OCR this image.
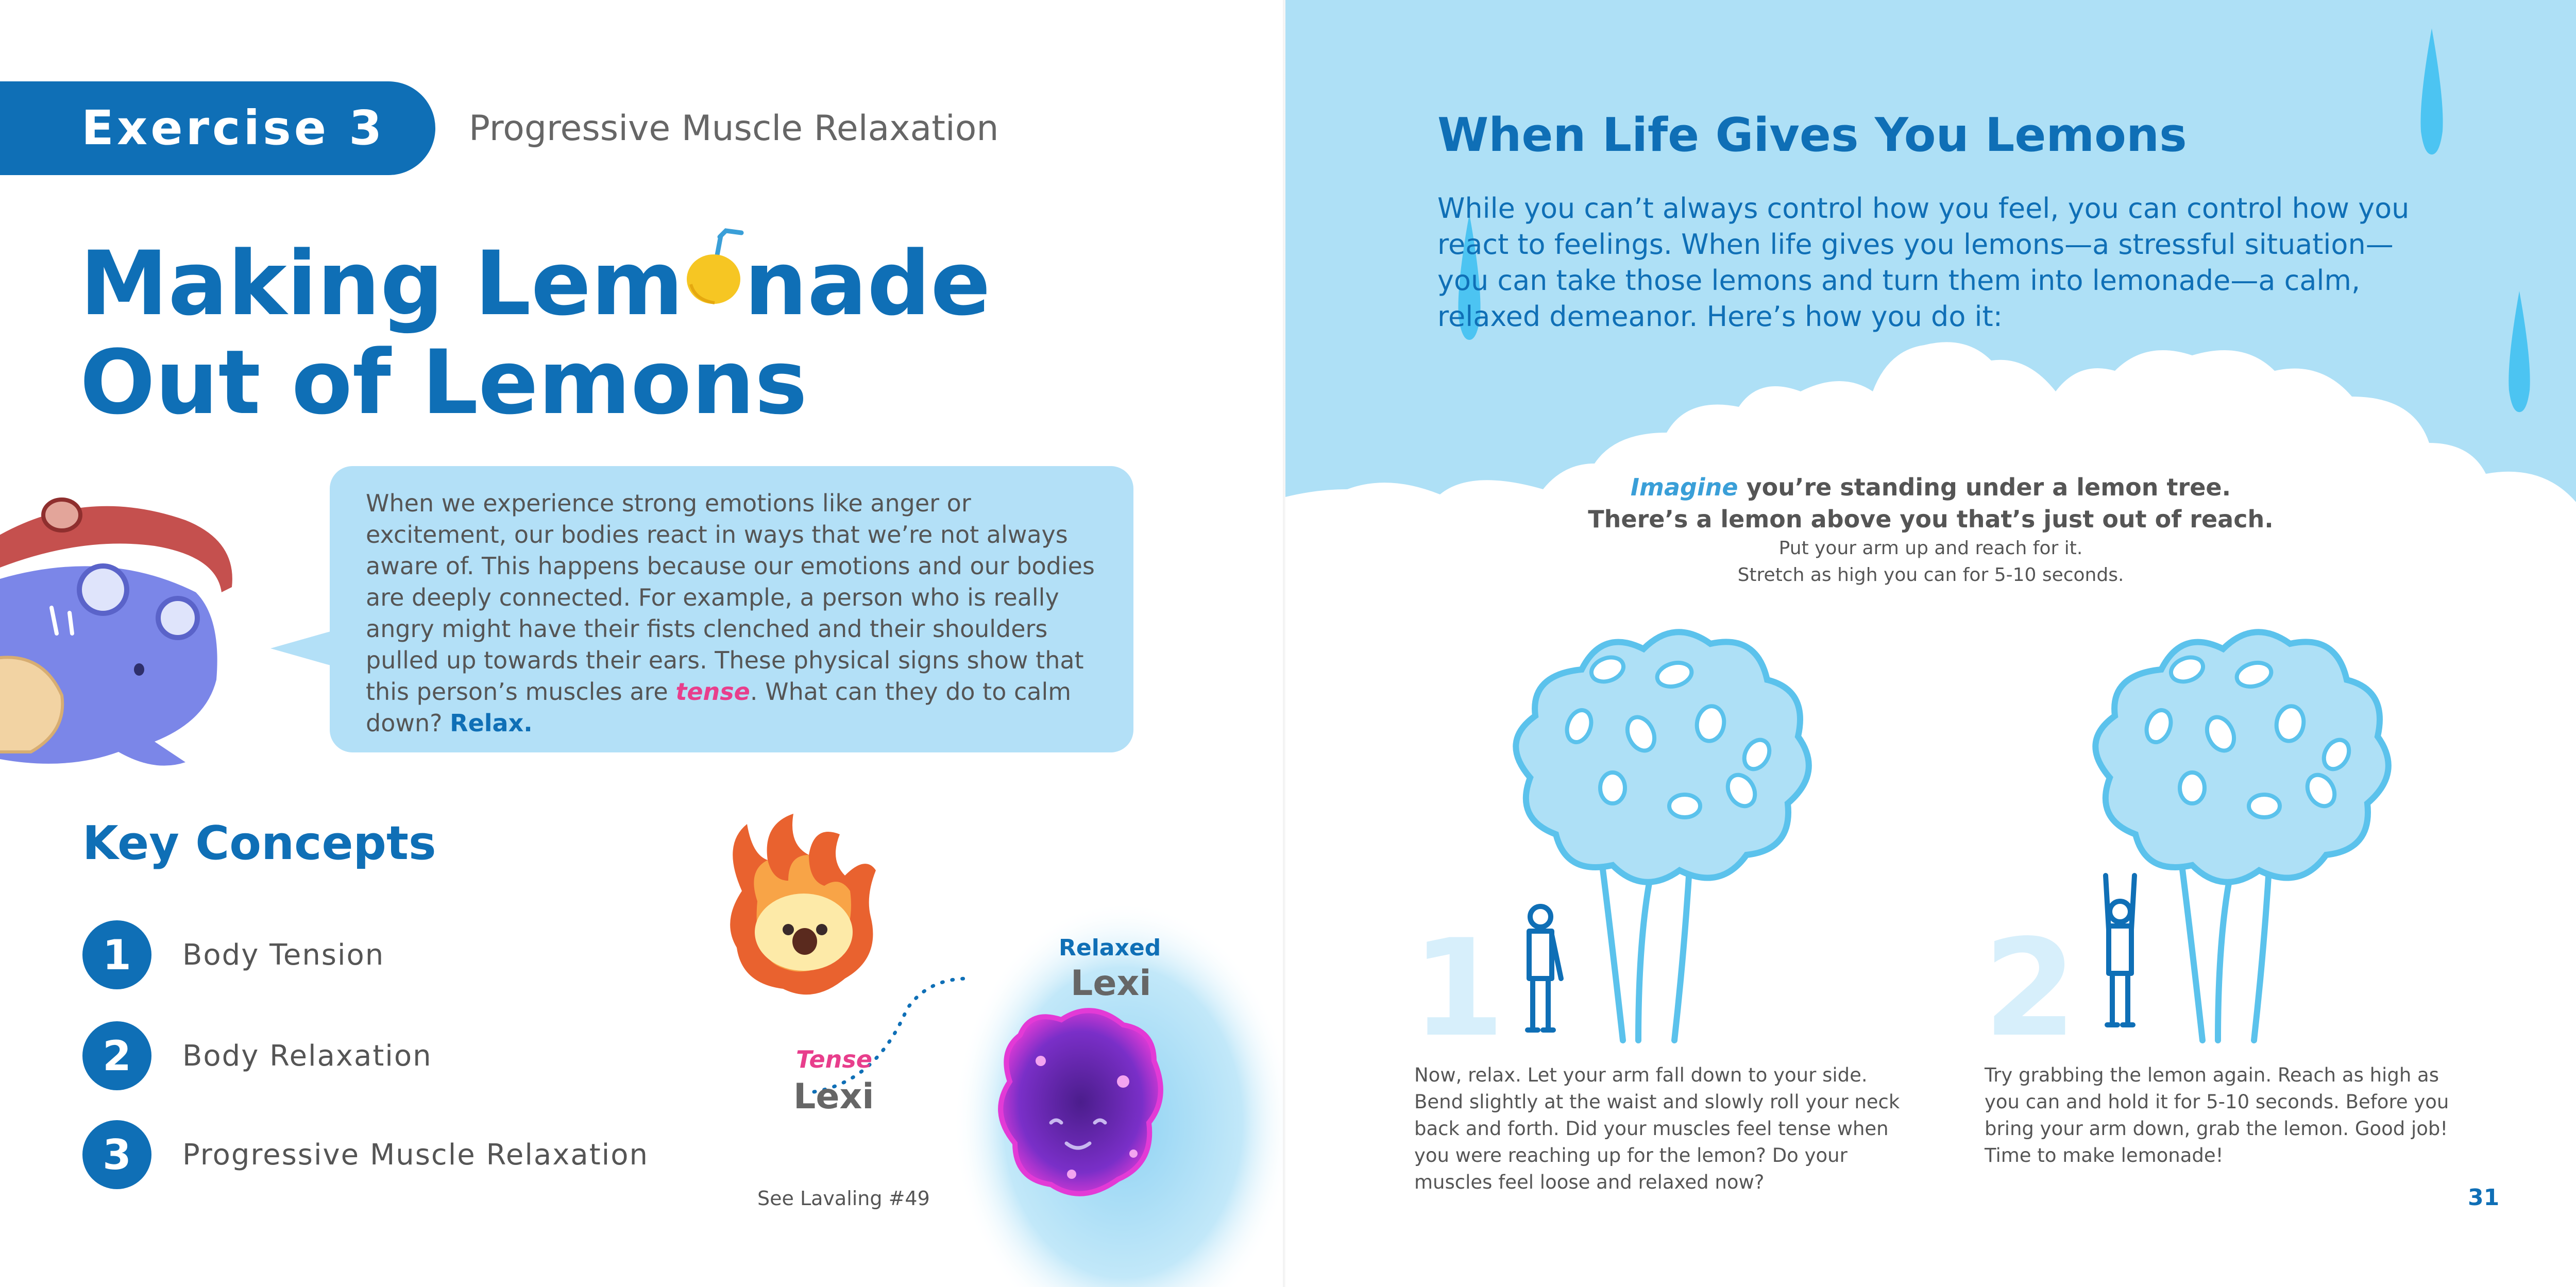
Exercise 3 Progressive Muscle Relaxation
Making Lem nade
Out of Lemons

When we experience strong emotions like anger or excitement, our bodies react in ways that we’re not always aware of. This happens because our emotions and our bodies are deeply connected. For example, a person who is really angry might have their fists clenched and their shoulders pulled up towards their ears. These physical signs show that this person’s muscles are tense. What can they do to calm down? Relax.

Key Concepts
1	Body Tension
2	Body Relaxation
3	Progressive Muscle Relaxation
Relaxed
Lexi
Tense
Lexi
See Lavaling #49
When Life Gives You Lemons

While you can’t always control how you feel, you can control how you react to feelings. When life gives you lemons—a stressful situation—you can take those lemons and turn them into lemonade—a calm, relaxed demeanor. Here’s how you do it:

Imagine you’re standing under a lemon tree.
There’s a lemon above you that’s just out of reach.
Put your arm up and reach for it.
Stretch as high you can for 5-10 seconds.
1	2

Now, relax. Let your arm fall down to your side. Bend slightly at the waist and slowly roll your neck back and forth. Did your muscles feel tense when you were reaching up for the lemon? Do your muscles feel loose and relaxed now?

Try grabbing the lemon again. Reach as high as you can and hold it for 5-10 seconds. Before you bring your arm down, grab the lemon. Good job! Time to make lemonade!

31
